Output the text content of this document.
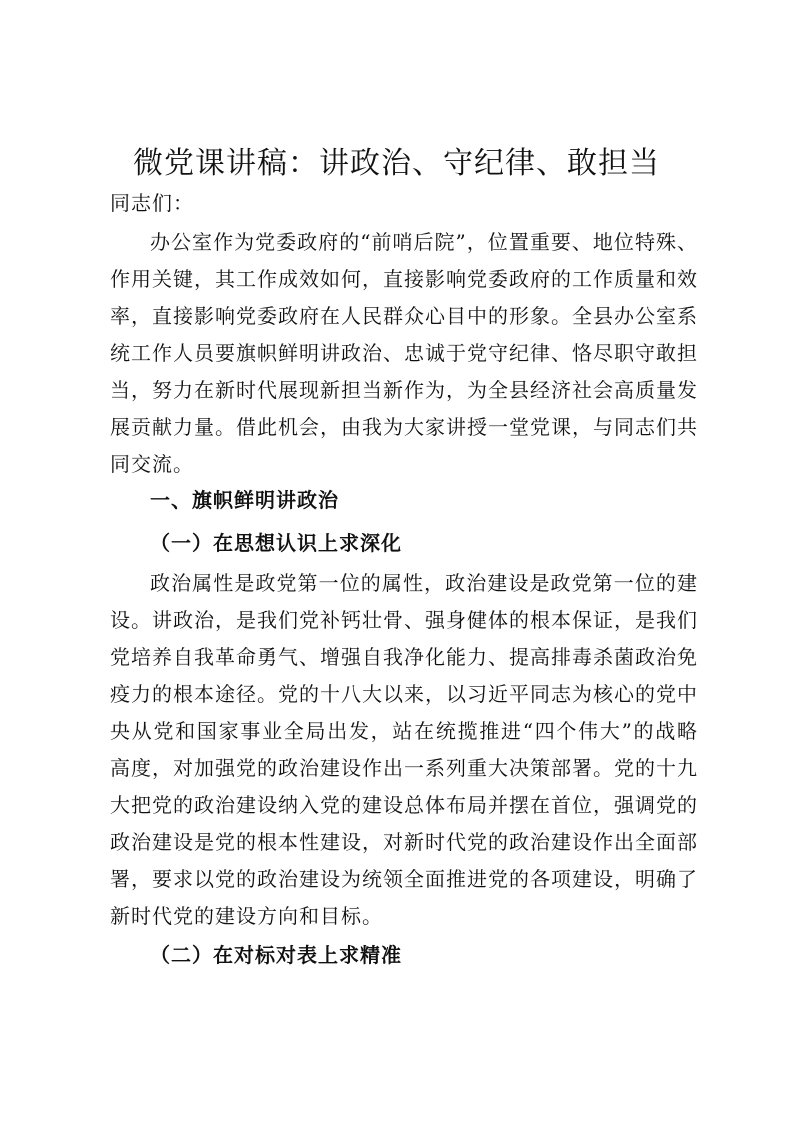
微党课讲稿：讲政治、守纪律、敢担当
同志们：
办公室作为党委政府的“前哨后院”，位置重要、地位特殊、作用关键，其工作成效如何，直接影响党委政府的工作质量和效率，直接影响党委政府在人民群众心目中的形象。全县办公室系统工作人员要旗帜鲜明讲政治、忠诚于党守纪律、恪尽职守敢担当，努力在新时代展现新担当新作为，为全县经济社会高质量发展贡献力量。借此机会，由我为大家讲授一堂党课，与同志们共同交流。
一、旗帜鲜明讲政治
（一）在思想认识上求深化
政治属性是政党第一位的属性，政治建设是政党第一位的建设。讲政治，是我们党补钙壮骨、强身健体的根本保证，是我们党培养自我革命勇气、增强自我净化能力、提高排毒杀菌政治免疫力的根本途径。党的十八大以来，以习近平同志为核心的党中央从党和国家事业全局出发，站在统揽推进“四个伟大”的战略高度，对加强党的政治建设作出一系列重大决策部署。党的十九大把党的政治建设纳入党的建设总体布局并摆在首位，强调党的政治建设是党的根本性建设，对新时代党的政治建设作出全面部署，要求以党的政治建设为统领全面推进党的各项建设，明确了新时代党的建设方向和目标。
（二）在对标对表上求精准
